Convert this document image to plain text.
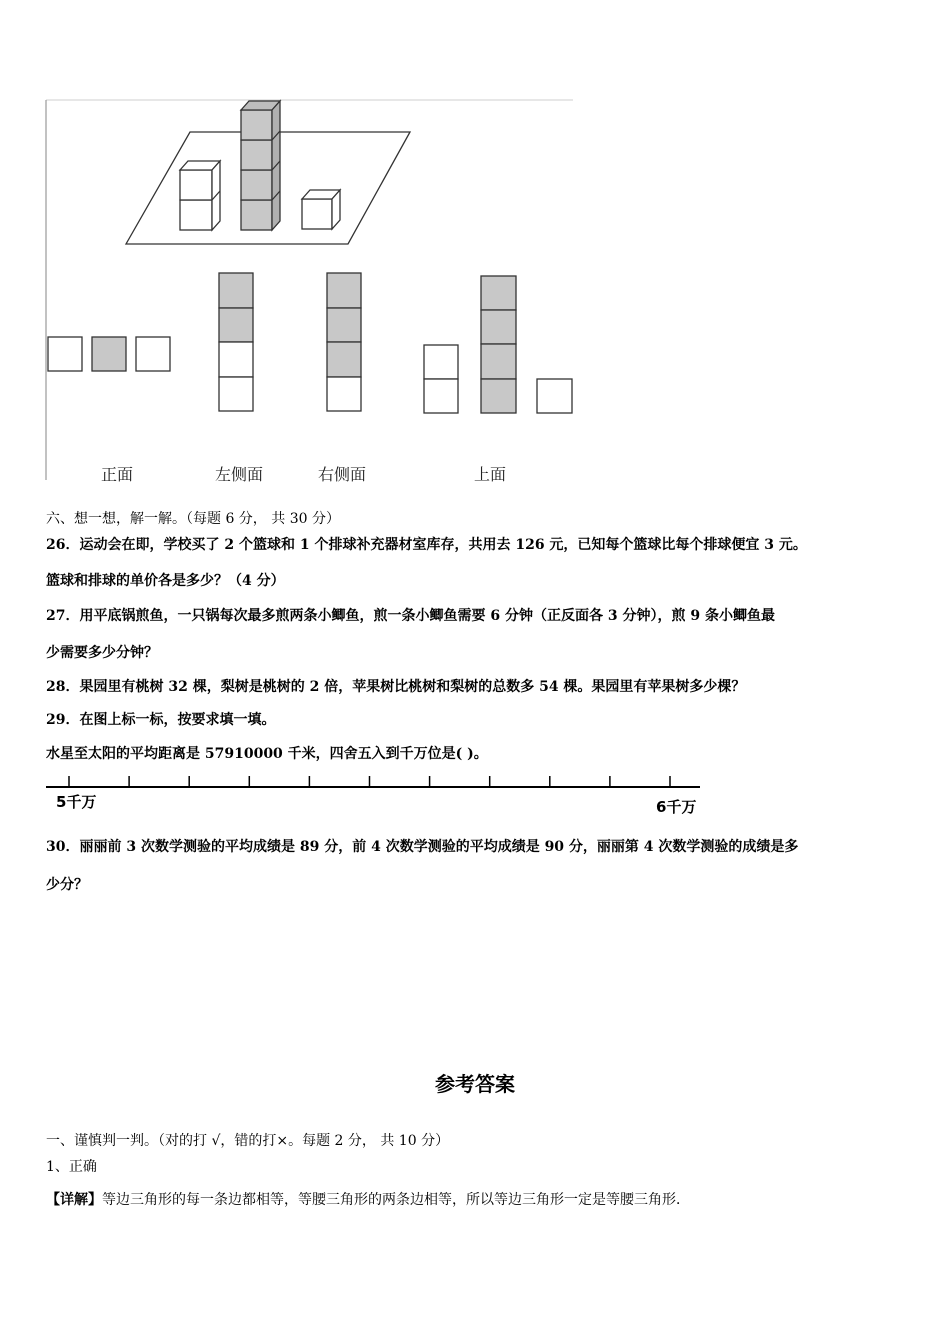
正面	左侧面	右侧面	上面
六、想一想，解一解。（每题 6 分， 共 30 分）
26．运动会在即，学校买了 2 个篮球和 1 个排球补充器材室库存，共用去 126 元，已知每个篮球比每个排球便宜 3 元。
篮球和排球的单价各是多少？（4 分）
27．用平底锅煎鱼，一只锅每次最多煎两条小鲫鱼，煎一条小鲫鱼需要 6 分钟（正反面各 3 分钟），煎 9 条小鲫鱼最
少需要多少分钟？
28．果园里有桃树 32 棵，梨树是桃树的 2 倍，苹果树比桃树和梨树的总数多 54 棵。果园里有苹果树多少棵？
29．在图上标一标，按要求填一填。
水星至太阳的平均距离是 57910000 千米，四舍五入到千万位是( )。
5千万	6千万
30．丽丽前 3 次数学测验的平均成绩是 89 分，前 4 次数学测验的平均成绩是 90 分，丽丽第 4 次数学测验的成绩是多
少分？
参考答案
一、谨慎判一判。（对的打 √，错的打×。每题 2 分， 共 10 分）
1、正确
【详解】等边三角形的每一条边都相等，等腰三角形的两条边相等，所以等边三角形一定是等腰三角形．
